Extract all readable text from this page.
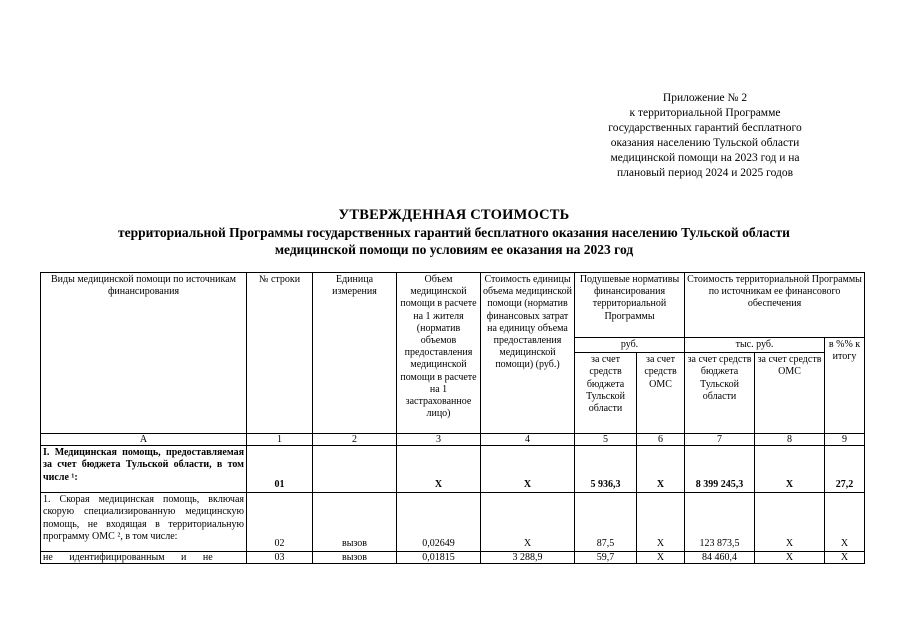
Приложение № 2
к территориальной Программе
государственных гарантий бесплатного
оказания населению Тульской области
медицинской помощи на 2023 год и на
плановый период 2024 и 2025 годов
УТВЕРЖДЕННАЯ СТОИМОСТЬ
территориальной Программы государственных гарантий бесплатного оказания населению Тульской области
медицинской помощи по условиям ее оказания на 2023 год
Виды медицинской помощи по источникам финансирования	№ строки	Единица измерения	Объем медицинской помощи в расчете на 1 жителя (норматив объемов предоставления медицинской помощи в расчете на 1 застрахованное лицо)	Стоимость единицы объема медицинской помощи (норматив финансовых затрат на единицу объема предоставления медицинской помощи) (руб.)	Подушевые нормативы финансирования территориальной Программы		Стоимость территориальной Программы по источникам ее финансового обеспечения		
					руб.		тыс. руб.		в %% к итогу
					за счет средств бюджета Тульской области	за счет средств ОМС	за счет средств бюджета Тульской области	за счет средств ОМС	
А	1	2	3	4	5	6	7	8	9
I. Медицинская помощь, предоставляемая за счет бюджета Тульской области, в том числе ¹:	01		X	X	5 936,3	X	8 399 245,3	X	27,2
1. Скорая медицинская помощь, включая скорую специализированную медицинскую помощь, не входящая в территориальную программу ОМС ², в том числе:	02	вызов	0,02649	X	87,5	X	123 873,5	X	X
не идентифицированным и не	03	вызов	0,01815	3 288,9	59,7	X	84 460,4	X	X
